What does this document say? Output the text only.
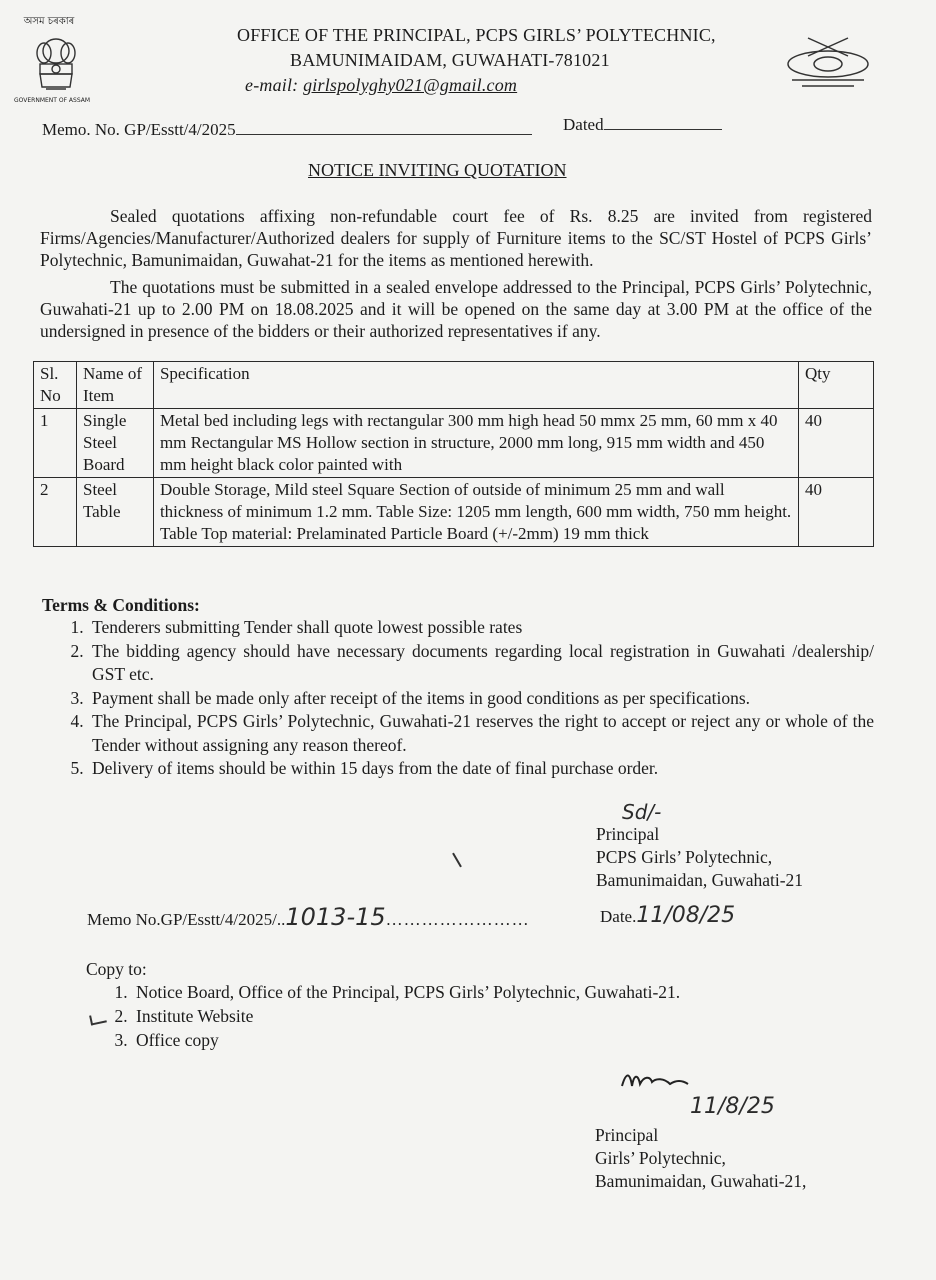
অসম চৰকাৰ
GOVERNMENT OF ASSAM
OFFICE OF THE PRINCIPAL, PCPS GIRLS’ POLYTECHNIC,
BAMUNIMAIDAM, GUWAHATI-781021
e-mail: girlspolyghy021@gmail.com
Memo. No. GP/Esstt/4/2025	Dated
NOTICE INVITING QUOTATION
Sealed quotations affixing non-refundable court fee of Rs. 8.25 are invited from registered Firms/Agencies/Manufacturer/Authorized dealers for supply of Furniture items to the SC/ST Hostel of PCPS Girls’ Polytechnic, Bamunimaidan, Guwahat-21 for the items as mentioned herewith.
The quotations must be submitted in a sealed envelope addressed to the Principal, PCPS Girls’ Polytechnic, Guwahati-21 up to 2.00 PM on 18.08.2025 and it will be opened on the same day at 3.00 PM at the office of the undersigned in presence of the bidders or their authorized representatives if any.
Sl. No	Name of Item	Specification	Qty
1	Single Steel Board	Metal bed including legs with rectangular 300 mm high head 50 mmx 25 mm, 60 mm x 40 mm Rectangular MS Hollow section in structure, 2000 mm long, 915 mm width and 450 mm height black color painted with	40
2	Steel Table	Double Storage, Mild steel Square Section of outside of minimum 25 mm and wall thickness of minimum 1.2 mm. Table Size: 1205 mm length, 600 mm width, 750 mm height. Table Top material: Prelaminated Particle Board (+/-2mm) 19 mm thick	40
Terms & Conditions:
1. Tenderers submitting Tender shall quote lowest possible rates
2. The bidding agency should have necessary documents regarding local registration in Guwahati /dealership/ GST etc.
3. Payment shall be made only after receipt of the items in good conditions as per specifications.
4. The Principal, PCPS Girls’ Polytechnic, Guwahati-21 reserves the right to accept or reject any or whole of the Tender without assigning any reason thereof.
5. Delivery of items should be within 15 days from the date of final purchase order.
Sd/-
Principal
PCPS Girls’ Polytechnic,
Bamunimaidan, Guwahati-21
Memo No.GP/Esstt/4/2025/..1013-15……………………	Date.11/08/25
Copy to:
1. Notice Board, Office of the Principal, PCPS Girls’ Polytechnic, Guwahati-21.
2. Institute Website
3. Office copy
11/8/25
Principal
Girls’ Polytechnic,
Bamunimaidan, Guwahati-21,
